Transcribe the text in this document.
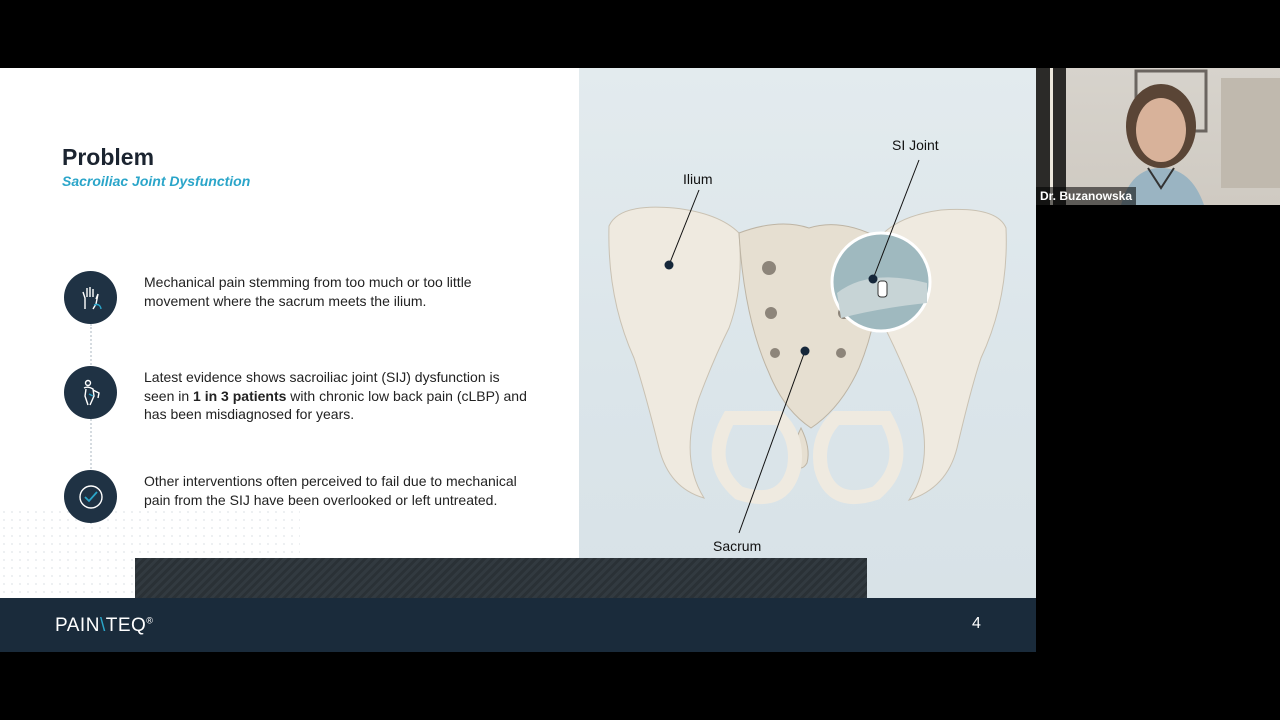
Problem
Sacroiliac Joint Dysfunction
Mechanical pain stemming from too much or too little movement where the sacrum meets the ilium.
Latest evidence shows sacroiliac joint (SIJ) dysfunction is seen in 1 in 3 patients with chronic low back pain (cLBP) and has been misdiagnosed for years.
Other interventions often perceived to fail due to mechanical pain from the SIJ have been overlooked or left untreated.
Ilium
SI Joint
Sacrum
PAIN\TEQ®	4
Dr. Buzanowska
